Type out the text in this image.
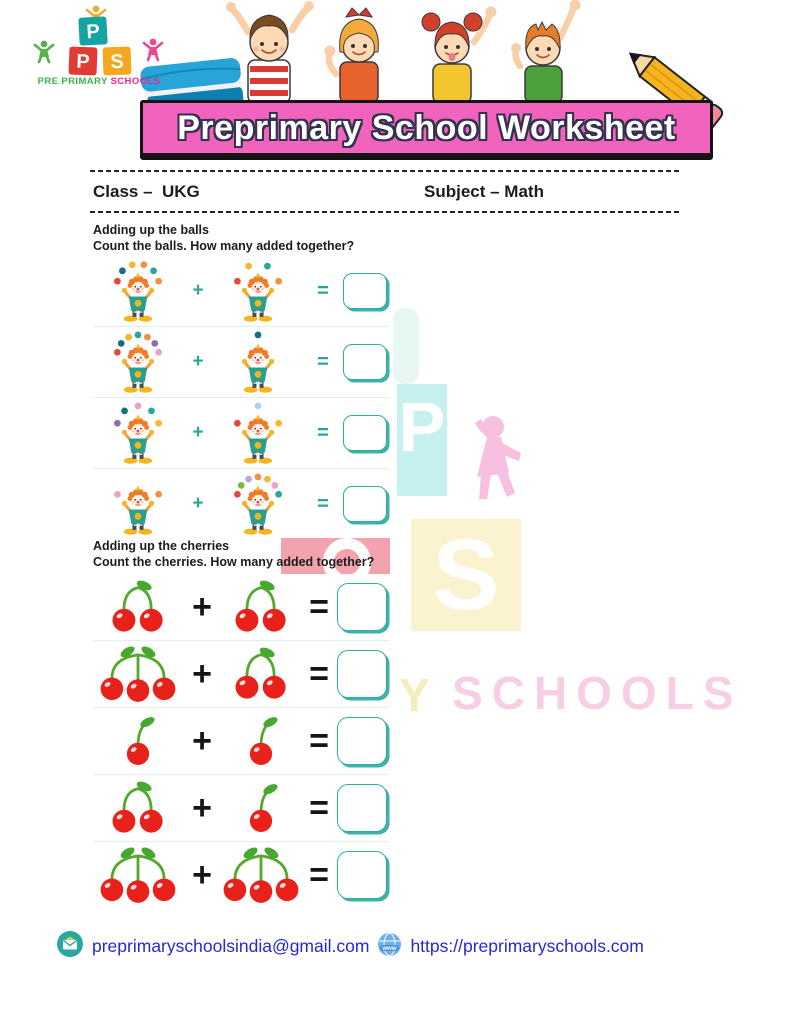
P
S
Y SCHOOLS
P
P S
PRE PRIMARY SCHOOLS
Preprimary School Worksheet
Class –  UKG	Subject – Math
Adding up the balls
Count the balls. How many added together?
+	=
+	=
+	=
+	=
Adding up the cherries
Count the cherries. How many added together?
+	=
+	=
+	=
+	=
+	=
preprimaryschoolsindia@gmail.com www https://preprimaryschools.com
